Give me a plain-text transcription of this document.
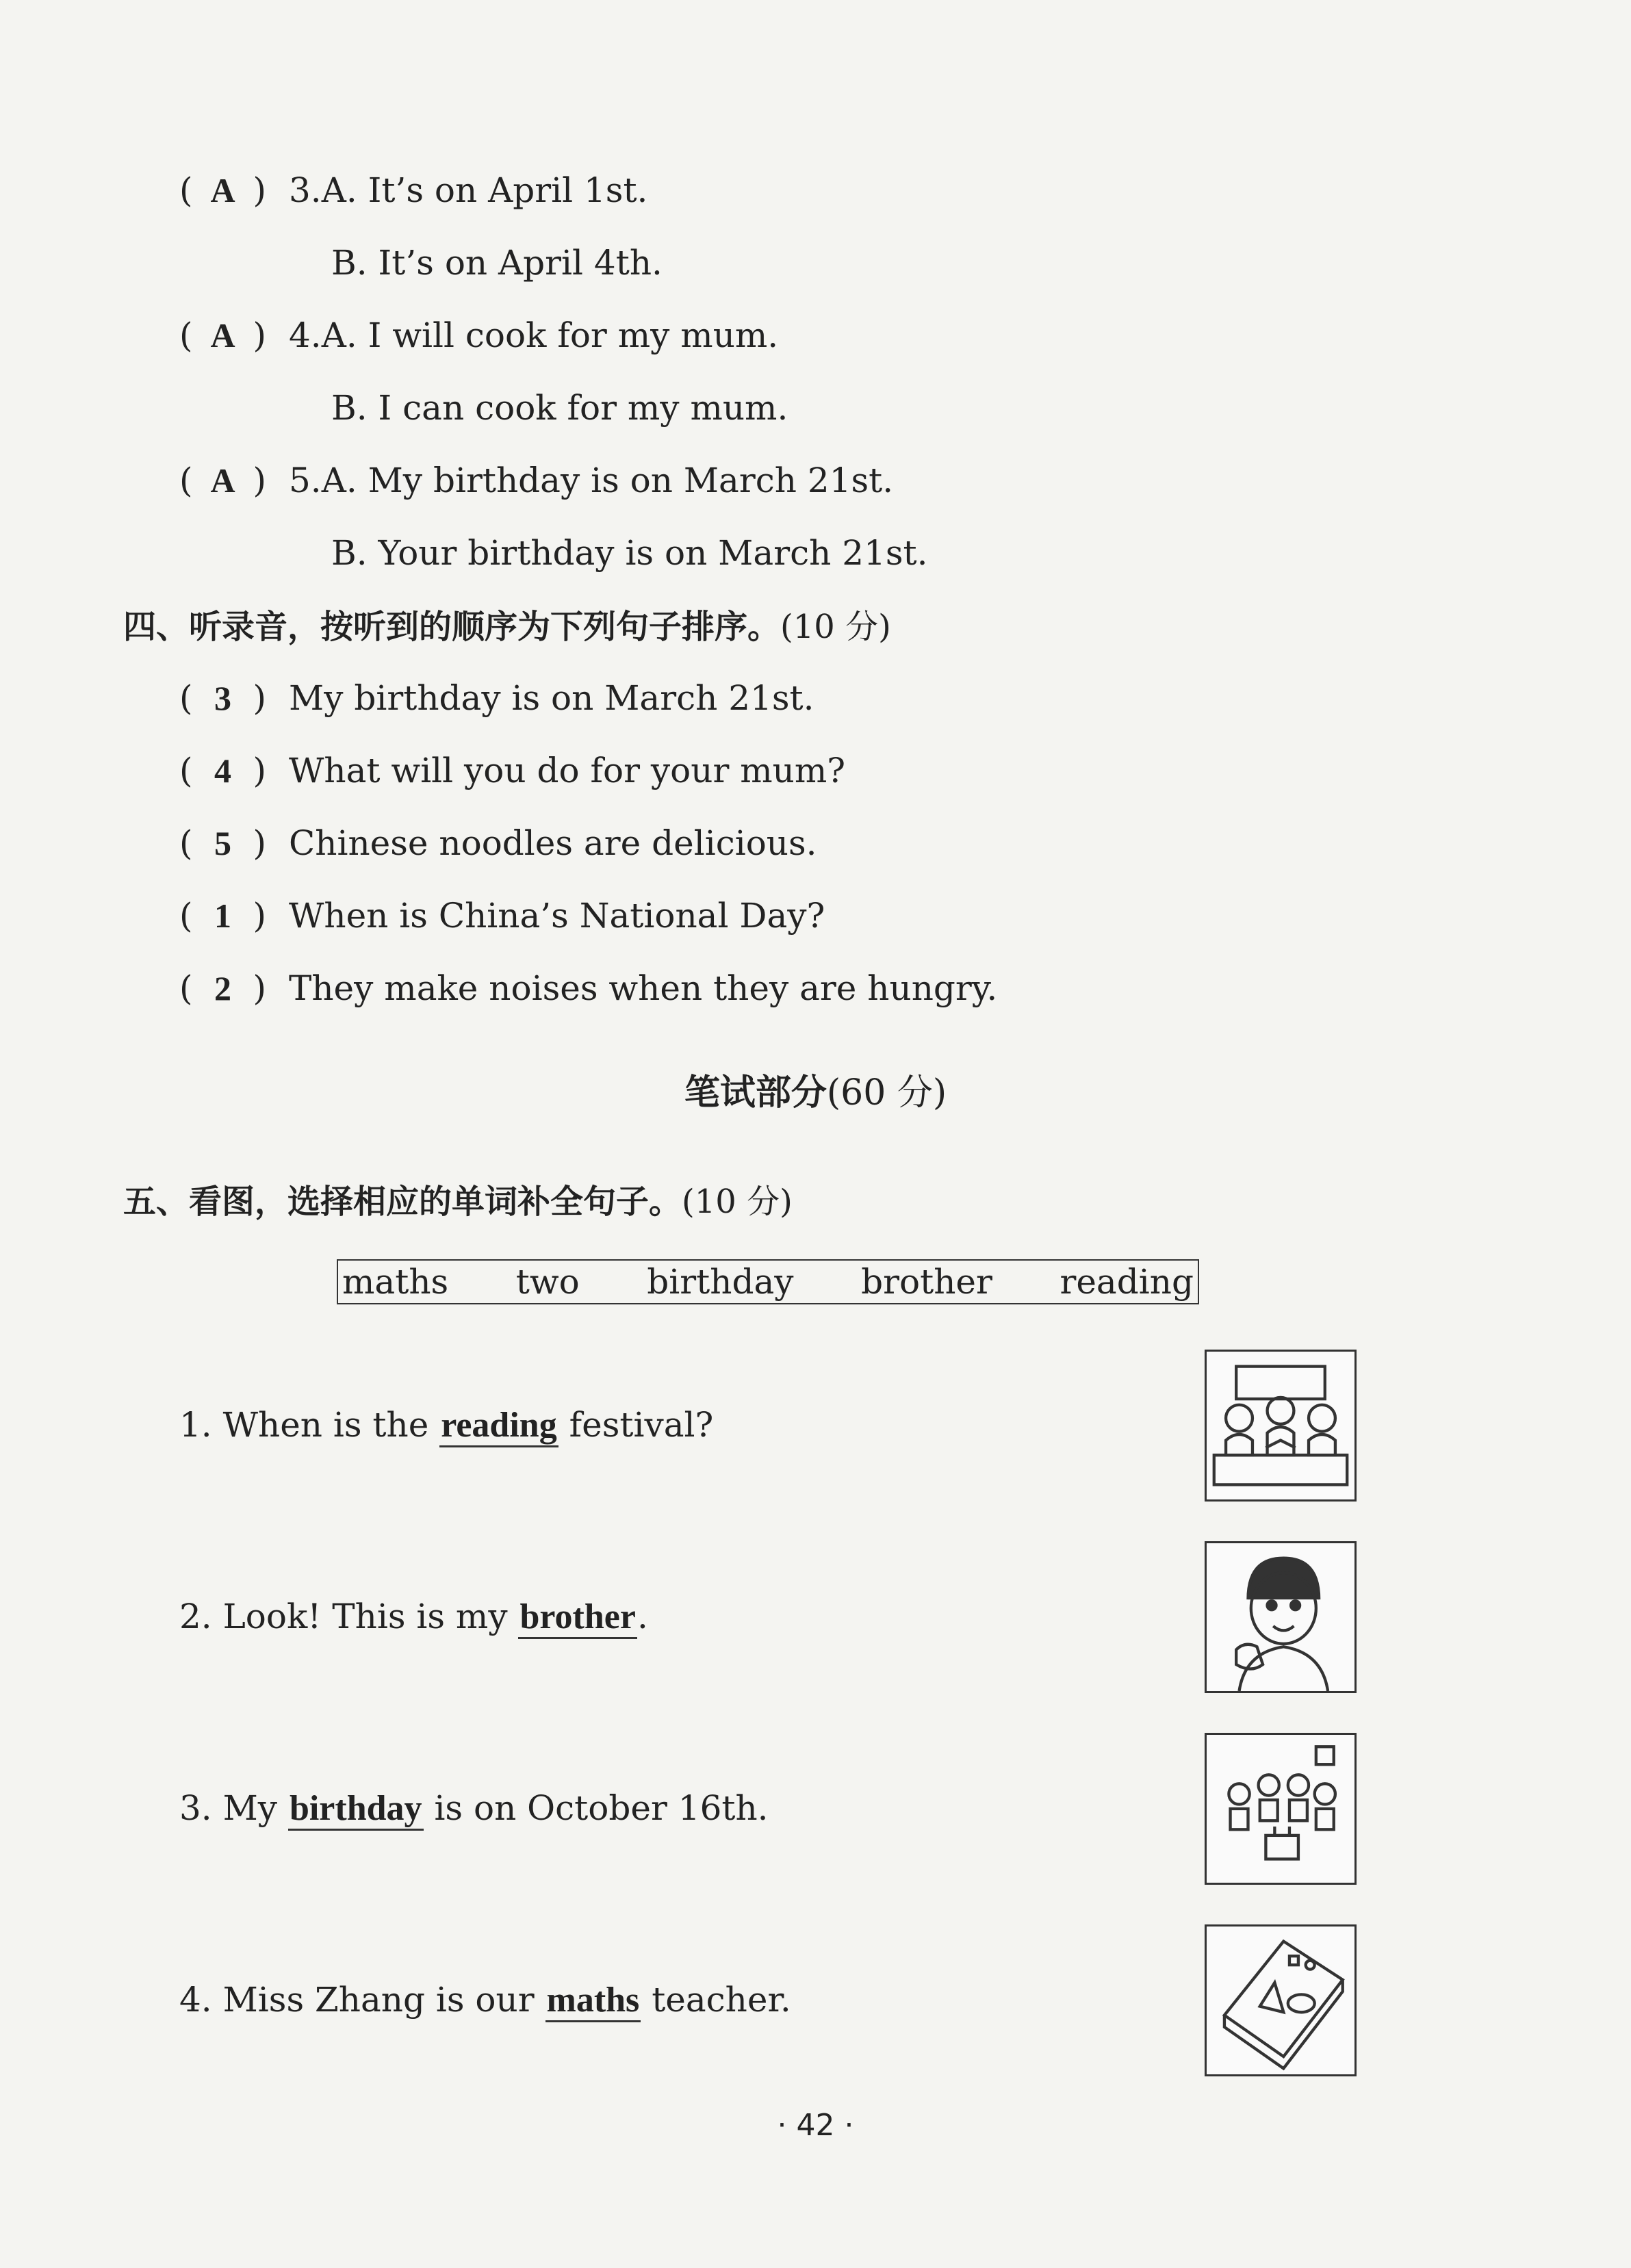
( A ) 3.A. It’s on April 1st.
B. It’s on April 4th.
( A ) 4.A. I will cook for my mum.
B. I can cook for my mum.
( A ) 5.A. My birthday is on March 21st.
B. Your birthday is on March 21st.
四、听录音，按听到的顺序为下列句子排序。(10 分)
( 3 ) My birthday is on March 21st.
( 4 ) What will you do for your mum?
( 5 ) Chinese noodles are delicious.
( 1 ) When is China’s National Day?
( 2 ) They make noises when they are hungry.
笔试部分(60 分)
五、看图，选择相应的单词补全句子。(10 分)
maths two birthday brother reading
1. When is the reading festival?
2. Look! This is my brother.
3. My birthday is on October 16th.
4. Miss Zhang is our maths teacher.
· 42 ·
